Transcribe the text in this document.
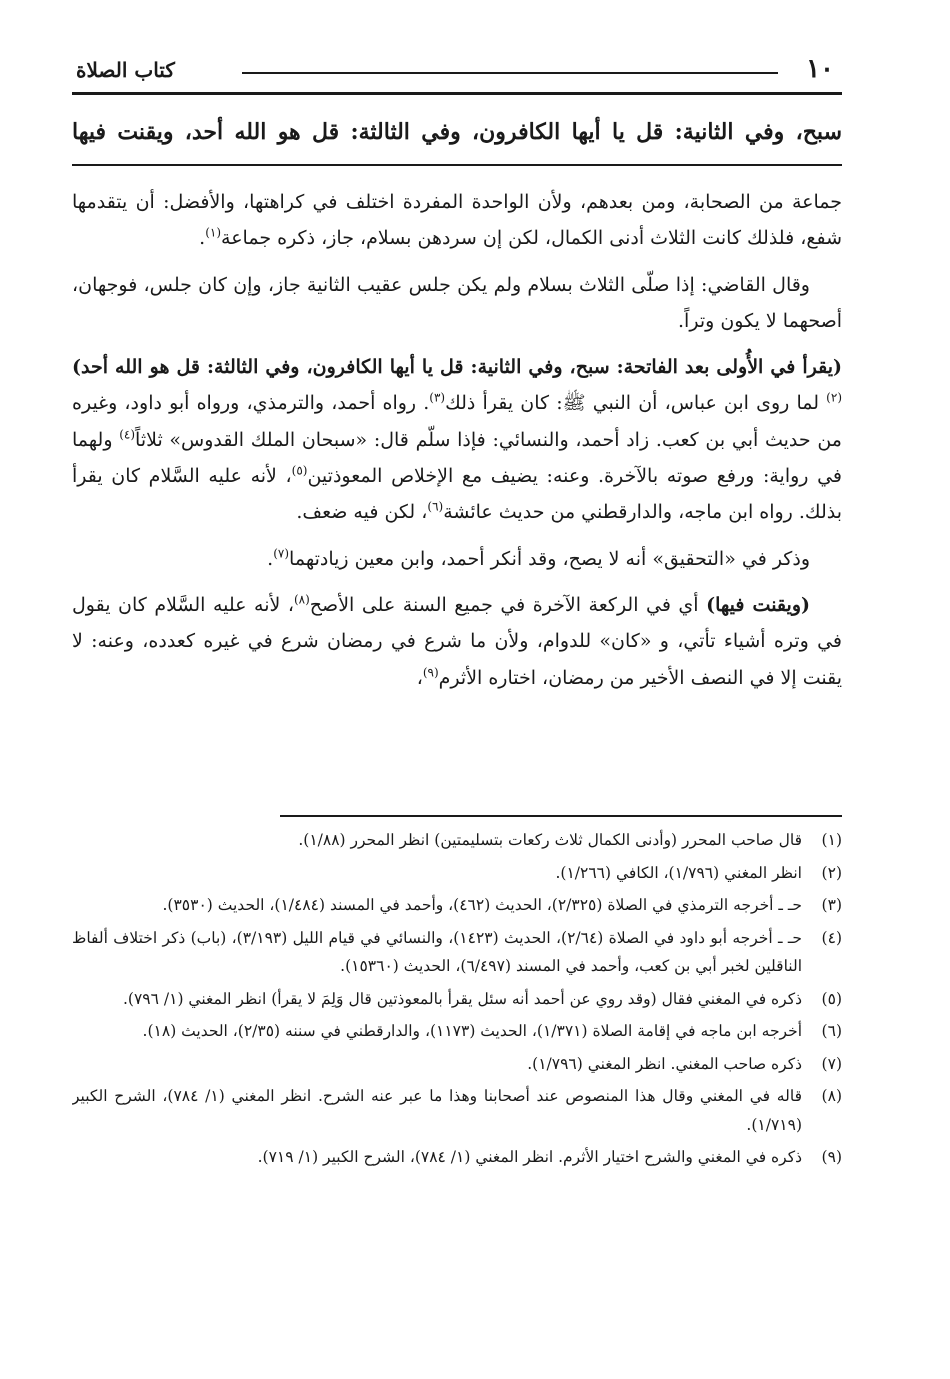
١٠
كتاب الصلاة
سبح، وفي الثانية: قل يا أيها الكافرون، وفي الثالثة: قل هو الله أحد، ويقنت فيها

جماعة من الصحابة، ومن بعدهم، ولأن الواحدة المفردة اختلف في كراهتها، والأفضل: أن يتقدمها شفع، فلذلك كانت الثلاث أدنى الكمال، لكن إن سردهن بسلام، جاز، ذكره جماعة$^{(١)}$.

وقال القاضي: إذا صلّى الثلاث بسلام ولم يكن جلس عقيب الثانية جاز، وإن كان جلس، فوجهان، أصحهما لا يكون وتراً.

(يقرأ في الأُولى بعد الفاتحة: سبح، وفي الثانية: قل يا أيها الكافرون، وفي الثالثة: قل هو الله أحد)$^{(٢)}$ لما روى ابن عباس، أن النبي ﷺ: كان يقرأ ذلك$^{(٣)}$. رواه أحمد، والترمذي، ورواه أبو داود، وغيره من حديث أبي بن كعب. زاد أحمد، والنسائي: فإذا سلّم قال: «سبحان الملك القدوس» ثلاثاً$^{(٤)}$ ولهما في رواية: ورفع صوته بالآخرة. وعنه: يضيف مع الإخلاص المعوذتين$^{(٥)}$، لأنه عليه السَّلام كان يقرأ بذلك. رواه ابن ماجه، والدارقطني من حديث عائشة$^{(٦)}$، لكن فيه ضعف.

وذكر في «التحقيق» أنه لا يصح، وقد أنكر أحمد، وابن معين زيادتهما$^{(٧)}$.

(ويقنت فيها) أي في الركعة الآخرة في جميع السنة على الأصح$^{(٨)}$، لأنه عليه السَّلام كان يقول في وتره أشياء تأتي، و «كان» للدوام، ولأن ما شرع في رمضان شرع في غيره كعدده، وعنه: لا يقنت إلا في النصف الأخير من رمضان، اختاره الأثرم$^{(٩)}$،

(١)
قال صاحب المحرر (وأدنى الكمال ثلاث ركعات بتسليمتين) انظر المحرر (١/٨٨).
(٢)
انظر المغني (١/٧٩٦)، الكافي (١/٢٦٦).
(٣)
حـ ـ أخرجه الترمذي في الصلاة (٢/٣٢٥)، الحديث (٤٦٢)، وأحمد في المسند (١/٤٨٤)، الحديث (٣٥٣٠).
(٤)
حـ ـ أخرجه أبو داود في الصلاة (٢/٦٤)، الحديث (١٤٢٣)، والنسائي في قيام الليل (٣/١٩٣)، (باب) ذكر اختلاف ألفاظ الناقلين لخبر أبي بن كعب، وأحمد في المسند (٦/٤٩٧)، الحديث (١٥٣٦٠).
(٥)
ذكره في المغني فقال (وقد روي عن أحمد أنه سئل يقرأ بالمعوذتين قال وَلِمَ لا يقرأ) انظر المغني (١/ ٧٩٦).
(٦)
أخرجه ابن ماجه في إقامة الصلاة (١/٣٧١)، الحديث (١١٧٣)، والدارقطني في سننه (٢/٣٥)، الحديث (١٨).
(٧)
ذكره صاحب المغني. انظر المغني (١/٧٩٦).
(٨)
قاله في المغني وقال هذا المنصوص عند أصحابنا وهذا ما عبر عنه الشرح. انظر المغني (١/ ٧٨٤)، الشرح الكبير (١/٧١٩).
(٩)
ذكره في المغني والشرح اختيار الأثرم. انظر المغني (١/ ٧٨٤)، الشرح الكبير (١/ ٧١٩).
